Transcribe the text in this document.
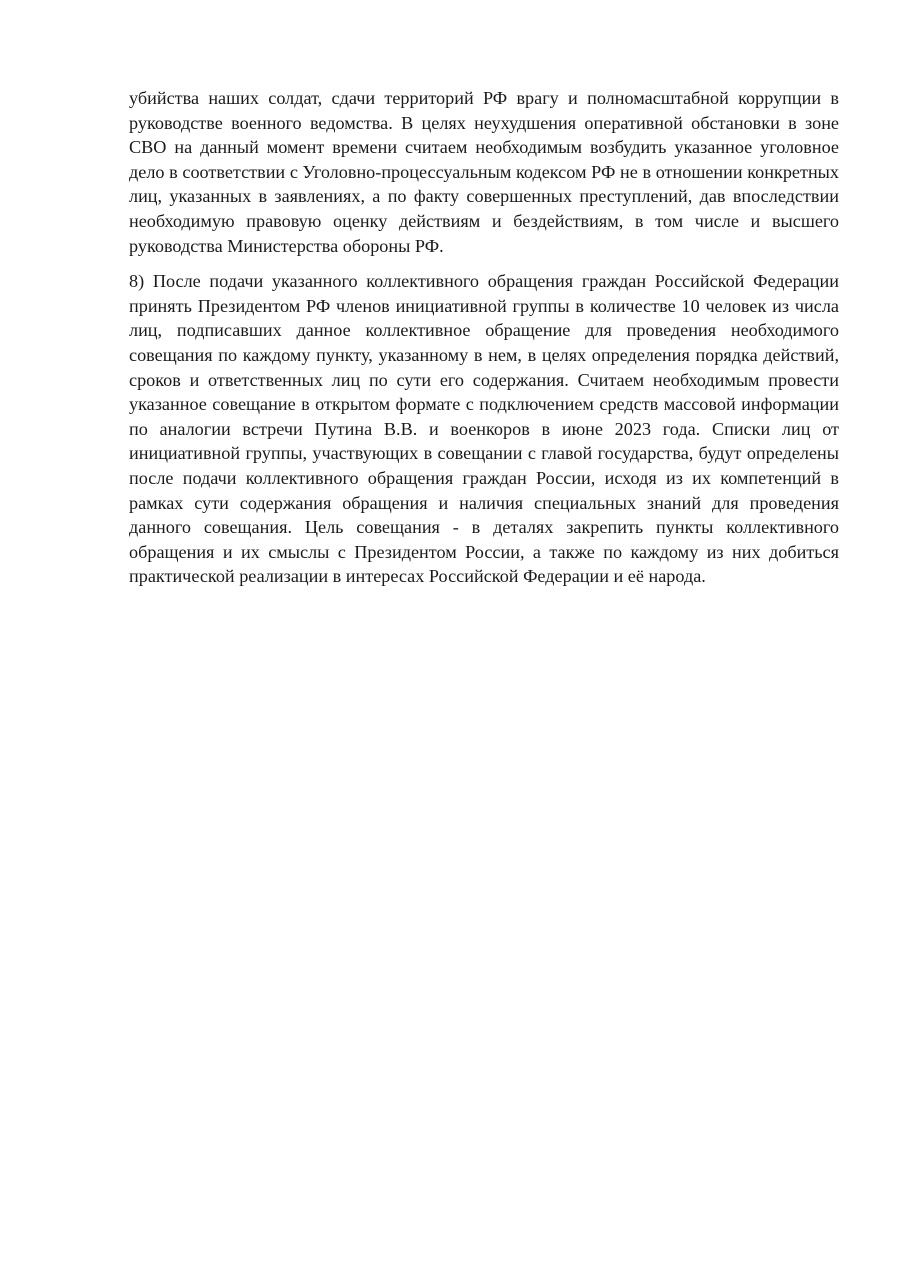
убийства наших солдат, сдачи территорий РФ врагу и полномасштабной коррупции в руководстве военного ведомства. В целях неухудшения оперативной обстановки в зоне СВО на данный момент времени считаем необходимым возбудить указанное уголовное дело в соответствии с Уголовно-процессуальным кодексом РФ не в отношении конкретных лиц, указанных в заявлениях, а по факту совершенных преступлений, дав впоследствии необходимую правовую оценку действиям и бездействиям, в том числе и высшего руководства Министерства обороны РФ.

8) После подачи указанного коллективного обращения граждан Российской Федерации принять Президентом РФ членов инициативной группы в количестве 10 человек из числа лиц, подписавших данное коллективное обращение для проведения необходимого совещания по каждому пункту, указанному в нем, в целях определения порядка действий, сроков и ответственных лиц по сути его содержания. Считаем необходимым провести указанное совещание в открытом формате с подключением средств массовой информации по аналогии встречи Путина В.В. и военкоров в июне 2023 года. Списки лиц от инициативной группы, участвующих в совещании с главой государства, будут определены после подачи коллективного обращения граждан России, исходя из их компетенций в рамках сути содержания обращения и наличия специальных знаний для проведения данного совещания. Цель совещания - в деталях закрепить пункты коллективного обращения и их смыслы с Президентом России, а также по каждому из них добиться практической реализации в интересах Российской Федерации и её народа.
